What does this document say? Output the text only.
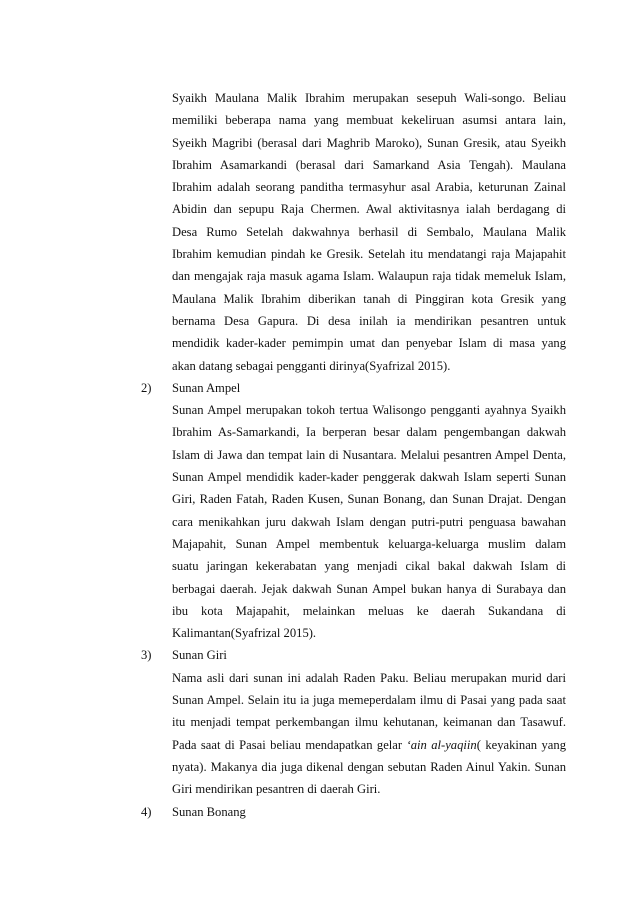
Syaikh Maulana Malik Ibrahim merupakan sesepuh Wali-songo. Beliau
memiliki beberapa nama yang membuat kekeliruan asumsi antara lain,
Syeikh Magribi (berasal dari Maghrib Maroko), Sunan Gresik, atau Syeikh
Ibrahim Asamarkandi (berasal dari Samarkand Asia Tengah). Maulana
Ibrahim adalah seorang panditha termasyhur asal Arabia, keturunan Zainal
Abidin dan sepupu Raja Chermen. Awal aktivitasnya ialah berdagang di
Desa Rumo Setelah dakwahnya berhasil di Sembalo, Maulana Malik
Ibrahim kemudian pindah ke Gresik. Setelah itu mendatangi raja Majapahit
dan mengajak raja masuk agama Islam. Walaupun raja tidak memeluk Islam,
Maulana Malik Ibrahim diberikan tanah di Pinggiran kota Gresik yang
bernama Desa Gapura. Di desa inilah ia mendirikan pesantren untuk
mendidik kader-kader pemimpin umat dan penyebar Islam di masa yang
akan datang sebagai pengganti dirinya(Syafrizal 2015).
2) Sunan Ampel
Sunan Ampel merupakan tokoh tertua Walisongo pengganti ayahnya Syaikh
Ibrahim As-Samarkandi, Ia berperan besar dalam pengembangan dakwah
Islam di Jawa dan tempat lain di Nusantara. Melalui pesantren Ampel Denta,
Sunan Ampel mendidik kader-kader penggerak dakwah Islam seperti Sunan
Giri, Raden Fatah, Raden Kusen, Sunan Bonang, dan Sunan Drajat. Dengan
cara menikahkan juru dakwah Islam dengan putri-putri penguasa bawahan
Majapahit, Sunan Ampel membentuk keluarga-keluarga muslim dalam
suatu jaringan kekerabatan yang menjadi cikal bakal dakwah Islam di
berbagai daerah. Jejak dakwah Sunan Ampel bukan hanya di Surabaya dan
ibu kota Majapahit, melainkan meluas ke daerah Sukandana di
Kalimantan(Syafrizal 2015).
3) Sunan Giri
Nama asli dari sunan ini adalah Raden Paku. Beliau merupakan murid dari
Sunan Ampel. Selain itu ia juga memeperdalam ilmu di Pasai yang pada saat
itu menjadi tempat perkembangan ilmu kehutanan, keimanan dan Tasawuf.
Pada saat di Pasai beliau mendapatkan gelar ‘ain al-yaqiin( keyakinan yang
nyata). Makanya dia juga dikenal dengan sebutan Raden Ainul Yakin. Sunan
Giri mendirikan pesantren di daerah Giri.
4) Sunan Bonang
